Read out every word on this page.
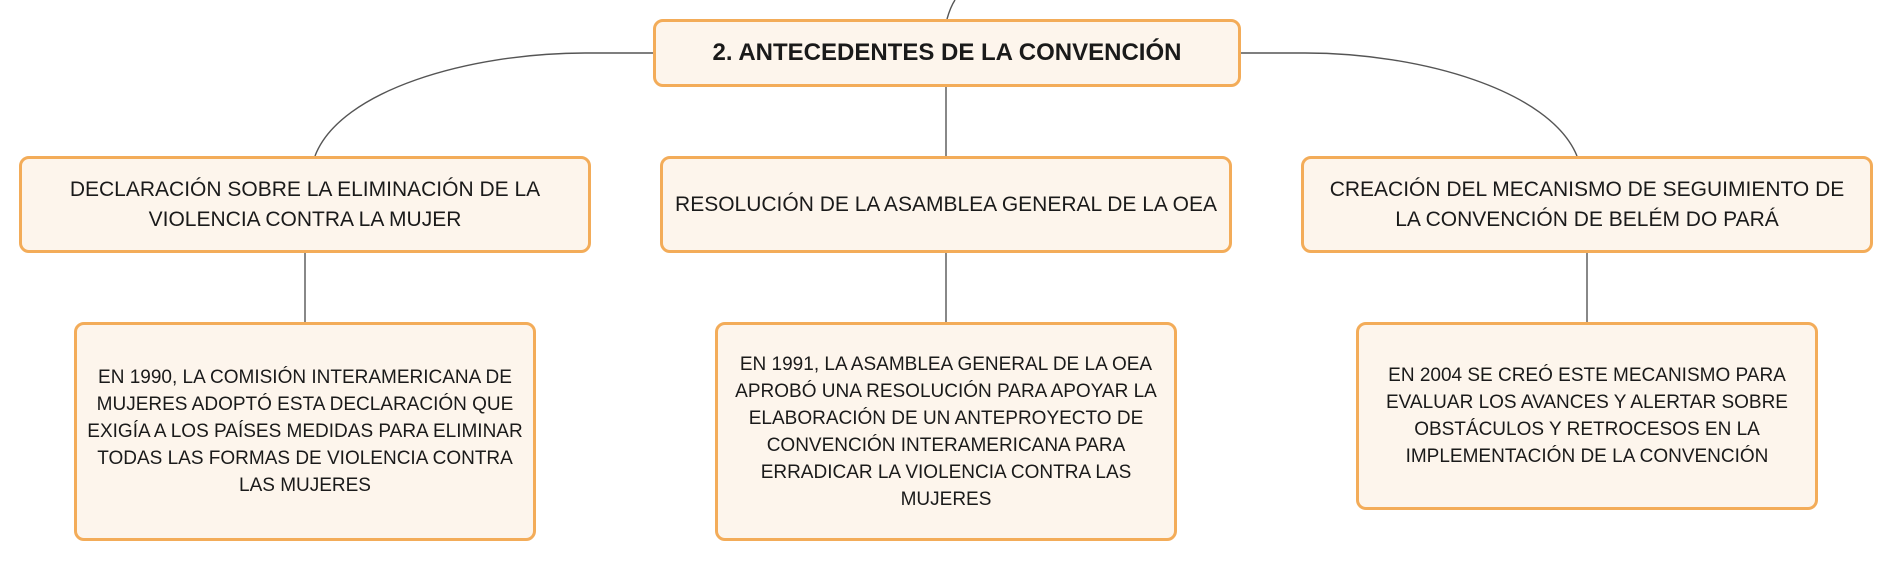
2. ANTECEDENTES DE LA CONVENCIÓN
DECLARACIÓN SOBRE LA ELIMINACIÓN DE LA VIOLENCIA CONTRA LA MUJER
RESOLUCIÓN DE LA ASAMBLEA GENERAL DE LA OEA
CREACIÓN DEL MECANISMO DE SEGUIMIENTO DE LA CONVENCIÓN DE BELÉM DO PARÁ
EN 1990, LA COMISIÓN INTERAMERICANA DE MUJERES ADOPTÓ ESTA DECLARACIÓN QUE EXIGÍA A LOS PAÍSES MEDIDAS PARA ELIMINAR TODAS LAS FORMAS DE VIOLENCIA CONTRA LAS MUJERES
EN 1991, LA ASAMBLEA GENERAL DE LA OEA APROBÓ UNA RESOLUCIÓN PARA APOYAR LA ELABORACIÓN DE UN ANTEPROYECTO DE CONVENCIÓN INTERAMERICANA PARA ERRADICAR LA VIOLENCIA CONTRA LAS MUJERES
EN 2004 SE CREÓ ESTE MECANISMO PARA EVALUAR LOS AVANCES Y ALERTAR SOBRE OBSTÁCULOS Y RETROCESOS EN LA IMPLEMENTACIÓN DE LA CONVENCIÓN
